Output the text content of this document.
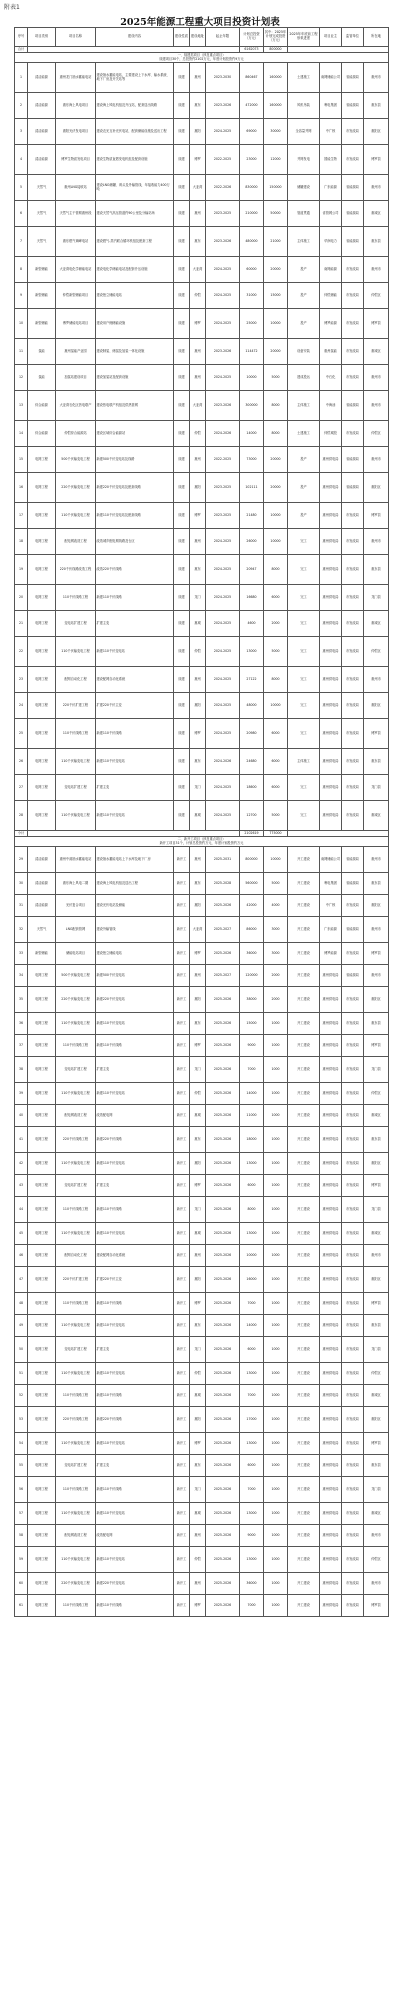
附表1
2025年能源工程重大项目投资计划表
序号	项目类别	项目名称	建设内容	建设性质	建设地址	起止年限	计划总投资（万元）	其中：2025年计划完成投资（万元）	2025年年底前工程形象进度	项目业主	监管单位	所在地
合计							6162073	800000				
一、续建类项目（涉及重点项目）
续建项目30个，总投资约2102万元，年度计划投资约9万元												
1	清洁能源	惠州龙门抽水蓄能电站	建设抽水蓄能电站，主要建设上下水库、输水系统、地下厂房及开关站等	续建	惠州	2023-2030	860467	160000	土建施工	南网储能公司	省能源局	惠州市
2	清洁能源	惠东海上风电项目	建设海上风电机组及升压站，配套送出线路	续建	惠东	2023-2026	472000	160000	风机吊装	粤电集团	省能源局	惠东县
3	清洁能源	惠阳光伏发电项目	建设农光互补光伏电站，配套储能设施及送出工程	续建	惠阳	2024-2025	69000	30000	全容量并网	中广核	市发改局	惠阳区
4	清洁能源	博罗生物质发电项目	建设生物质直燃发电机组及配套设施	续建	博罗	2022-2025	23000	12000	并网发电	国能生物	市发改局	博罗县
5	天然气	惠州LNG接收站	建设LNG储罐、码头及外输管线，年接收能力400万吨	续建	大亚湾	2022-2026	830000	150000	储罐建设	广东能源	省能源局	惠州市
6	天然气	天然气主干管网惠州段	建设天然气高压管道约90公里及分输站场	续建	惠州	2023-2025	210000	50000	管道贯通	省管网公司	省能源局	惠城区
7	天然气	惠东燃气调峰电站	建设燃气-蒸汽联合循环机组及配套工程	续建	惠东	2023-2026	480000	21000	主体施工	华润电力	省能源局	惠东县
8	新型储能	大亚湾电化学储能电站	建设电化学储能电站及配套升压设施	续建	大亚湾	2024-2025	60000	20000	投产	南网能源	市发改局	惠州市
9	新型储能	仲恺新型储能项目	建设独立储能电站	续建	仲恺	2024-2025	31000	15000	投产	仲恺储能	市发改局	仲恺区
10	新型储能	博罗储能电站项目	建设用户侧储能设施	续建	博罗	2024-2025	25000	10000	投产	博罗能源	市发改局	博罗县
11	氢能	惠州氢能产业园	建设制氢、储氢及加氢一体化设施	续建	惠州	2023-2026	114472	20000	设备安装	惠州氢能	市发改局	惠城区
12	氢能	加氢站建设项目	建设加氢站及配套设施	续建	惠州	2024-2025	10000	5000	建成投运	中石化	市发改局	惠州市
13	综合能源	大亚湾石化区热电联产	建设热电联产机组及供热管网	续建	大亚湾	2023-2026	300000	8000	主体施工	中海油	省能源局	惠州市
14	综合能源	仲恺综合能源站	建设区域综合能源站	续建	仲恺	2024-2026	14000	8000	土建施工	仲恺城投	市发改局	仲恺区
15	电网工程	500千伏输变电工程	新建500千伏变电站及线路	续建	惠州	2022-2025	73000	20000	投产	惠州供电局	省能源局	惠州市
16	电网工程	220千伏输变电工程	新建220千伏变电站及配套线路	续建	惠阳	2023-2025	102111	20000	投产	惠州供电局	省能源局	惠阳区
17	电网工程	110千伏输变电工程	新建110千伏变电站及配套线路	续建	博罗	2023-2025	21480	10000	投产	惠州供电局	市发改局	博罗县
18	电网工程	配电网改造工程	改造城乡配电网线路及台区	续建	惠州	2024-2025	26000	10000	完工	惠州供电局	市发改局	惠州市
19	电网工程	220千伏线路改造工程	改造220千伏线路	续建	惠东	2024-2025	20947	8000	完工	惠州供电局	市发改局	惠东县
20	电网工程	110千伏线路工程	新建110千伏线路	续建	龙门	2024-2025	16680	6000	完工	惠州供电局	市发改局	龙门县
21	电网工程	变电站扩建工程	扩建主变	续建	惠城	2024-2025	4600	2000	完工	惠州供电局	市发改局	惠城区
22	电网工程	110千伏输变电工程	新建110千伏变电站	续建	仲恺	2024-2025	13000	5000	完工	惠州供电局	市发改局	仲恺区
23	电网工程	配网自动化工程	建设配网自动化系统	续建	惠州	2024-2025	27122	8000	完工	惠州供电局	市发改局	惠州市
24	电网工程	220千伏扩建工程	扩建220千伏主变	续建	惠阳	2024-2025	48000	10000	完工	惠州供电局	市发改局	惠阳区
25	电网工程	110千伏线路工程	新建110千伏线路	续建	博罗	2024-2025	20980	6000	完工	惠州供电局	市发改局	博罗县
26	电网工程	110千伏输变电工程	新建110千伏变电站	续建	惠东	2024-2026	24680	6000	主体施工	惠州供电局	市发改局	惠东县
27	电网工程	变电站扩建工程	扩建主变	续建	龙门	2024-2025	18600	6000	完工	惠州供电局	市发改局	龙门县
28	电网工程	110千伏输变电工程	新建110千伏变电站	续建	惠城	2024-2025	12700	5000	完工	惠州供电局	市发改局	惠城区
小计							2102619	775000				
二、新开工项目（涉及重点项目）
新开工项目31个，计划总投资约万元，年度计划投资约万元												
29	清洁能源	惠州中洞抽水蓄能电站	建设抽水蓄能电站上下水库及地下厂房	新开工	惠州	2025-2031	800000	10000	开工建设	南网储能公司	省能源局	惠州市
30	清洁能源	惠东海上风电二期	建设海上风电机组及送出工程	新开工	惠东	2025-2028	560000	5000	开工建设	粤电集团	省能源局	惠东县
31	清洁能源	光伏复合项目	建设光伏电站及储能	新开工	惠阳	2025-2026	42000	4000	开工建设	中广核	市发改局	惠阳区
32	天然气	LNG配套管网	建设外输管线	新开工	大亚湾	2025-2027	86000	3000	开工建设	广东能源	省能源局	惠州市
33	新型储能	储能电站项目	建设独立储能电站	新开工	博罗	2025-2026	36000	3000	开工建设	博罗能源	市发改局	博罗县
34	电网工程	500千伏输变电工程	新建500千伏变电站	新开工	惠州	2025-2027	120000	2000	开工建设	惠州供电局	省能源局	惠州市
35	电网工程	220千伏输变电工程	新建220千伏变电站	新开工	惠阳	2025-2026	38000	2000	开工建设	惠州供电局	市发改局	惠阳区
36	电网工程	110千伏输变电工程	新建110千伏变电站	新开工	惠东	2025-2026	15000	1000	开工建设	惠州供电局	市发改局	惠东县
37	电网工程	110千伏线路工程	新建110千伏线路	新开工	博罗	2025-2026	9000	1000	开工建设	惠州供电局	市发改局	博罗县
38	电网工程	变电站扩建工程	扩建主变	新开工	龙门	2025-2026	7000	1000	开工建设	惠州供电局	市发改局	龙门县
39	电网工程	110千伏输变电工程	新建110千伏变电站	新开工	仲恺	2025-2026	14000	1000	开工建设	惠州供电局	市发改局	仲恺区
40	电网工程	配电网改造工程	改造配电网	新开工	惠城	2025-2026	11000	1000	开工建设	惠州供电局	市发改局	惠城区
41	电网工程	220千伏线路工程	新建220千伏线路	新开工	惠东	2025-2026	18000	1000	开工建设	惠州供电局	市发改局	惠东县
42	电网工程	110千伏输变电工程	新建110千伏变电站	新开工	惠阳	2025-2026	13000	1000	开工建设	惠州供电局	市发改局	惠阳区
43	电网工程	变电站扩建工程	扩建主变	新开工	博罗	2025-2026	6000	1000	开工建设	惠州供电局	市发改局	博罗县
44	电网工程	110千伏线路工程	新建110千伏线路	新开工	龙门	2025-2026	8000	1000	开工建设	惠州供电局	市发改局	龙门县
45	电网工程	110千伏输变电工程	新建110千伏变电站	新开工	惠城	2025-2026	13000	1000	开工建设	惠州供电局	市发改局	惠城区
46	电网工程	配网自动化工程	建设配网自动化系统	新开工	惠州	2025-2026	10000	1000	开工建设	惠州供电局	市发改局	惠州市
47	电网工程	220千伏扩建工程	扩建220千伏主变	新开工	惠阳	2025-2026	16000	1000	开工建设	惠州供电局	市发改局	惠阳区
48	电网工程	110千伏线路工程	新建110千伏线路	新开工	博罗	2025-2026	7000	1000	开工建设	惠州供电局	市发改局	博罗县
49	电网工程	110千伏输变电工程	新建110千伏变电站	新开工	惠东	2025-2026	14000	1000	开工建设	惠州供电局	市发改局	惠东县
50	电网工程	变电站扩建工程	扩建主变	新开工	龙门	2025-2026	6000	1000	开工建设	惠州供电局	市发改局	龙门县
51	电网工程	110千伏输变电工程	新建110千伏变电站	新开工	仲恺	2025-2026	13000	1000	开工建设	惠州供电局	市发改局	仲恺区
52	电网工程	110千伏线路工程	新建110千伏线路	新开工	惠城	2025-2026	7000	1000	开工建设	惠州供电局	市发改局	惠城区
53	电网工程	220千伏线路工程	新建220千伏线路	新开工	惠阳	2025-2026	17000	1000	开工建设	惠州供电局	市发改局	惠阳区
54	电网工程	110千伏输变电工程	新建110千伏变电站	新开工	博罗	2025-2026	13000	1000	开工建设	惠州供电局	市发改局	博罗县
55	电网工程	变电站扩建工程	扩建主变	新开工	惠东	2025-2026	6000	1000	开工建设	惠州供电局	市发改局	惠东县
56	电网工程	110千伏线路工程	新建110千伏线路	新开工	龙门	2025-2026	7000	1000	开工建设	惠州供电局	市发改局	龙门县
57	电网工程	110千伏输变电工程	新建110千伏变电站	新开工	惠城	2025-2026	13000	1000	开工建设	惠州供电局	市发改局	惠城区
58	电网工程	配电网改造工程	改造配电网	新开工	惠州	2025-2026	9000	1000	开工建设	惠州供电局	市发改局	惠州市
59	电网工程	110千伏输变电工程	新建110千伏变电站	新开工	仲恺	2025-2026	13000	1000	开工建设	惠州供电局	市发改局	仲恺区
60	电网工程	220千伏输变电工程	新建220千伏变电站	新开工	惠州	2025-2026	36000	1000	开工建设	惠州供电局	市发改局	惠州市
61	电网工程	110千伏线路工程	新建110千伏线路	新开工	博罗	2025-2026	7000	1000	开工建设	惠州供电局	市发改局	博罗县
